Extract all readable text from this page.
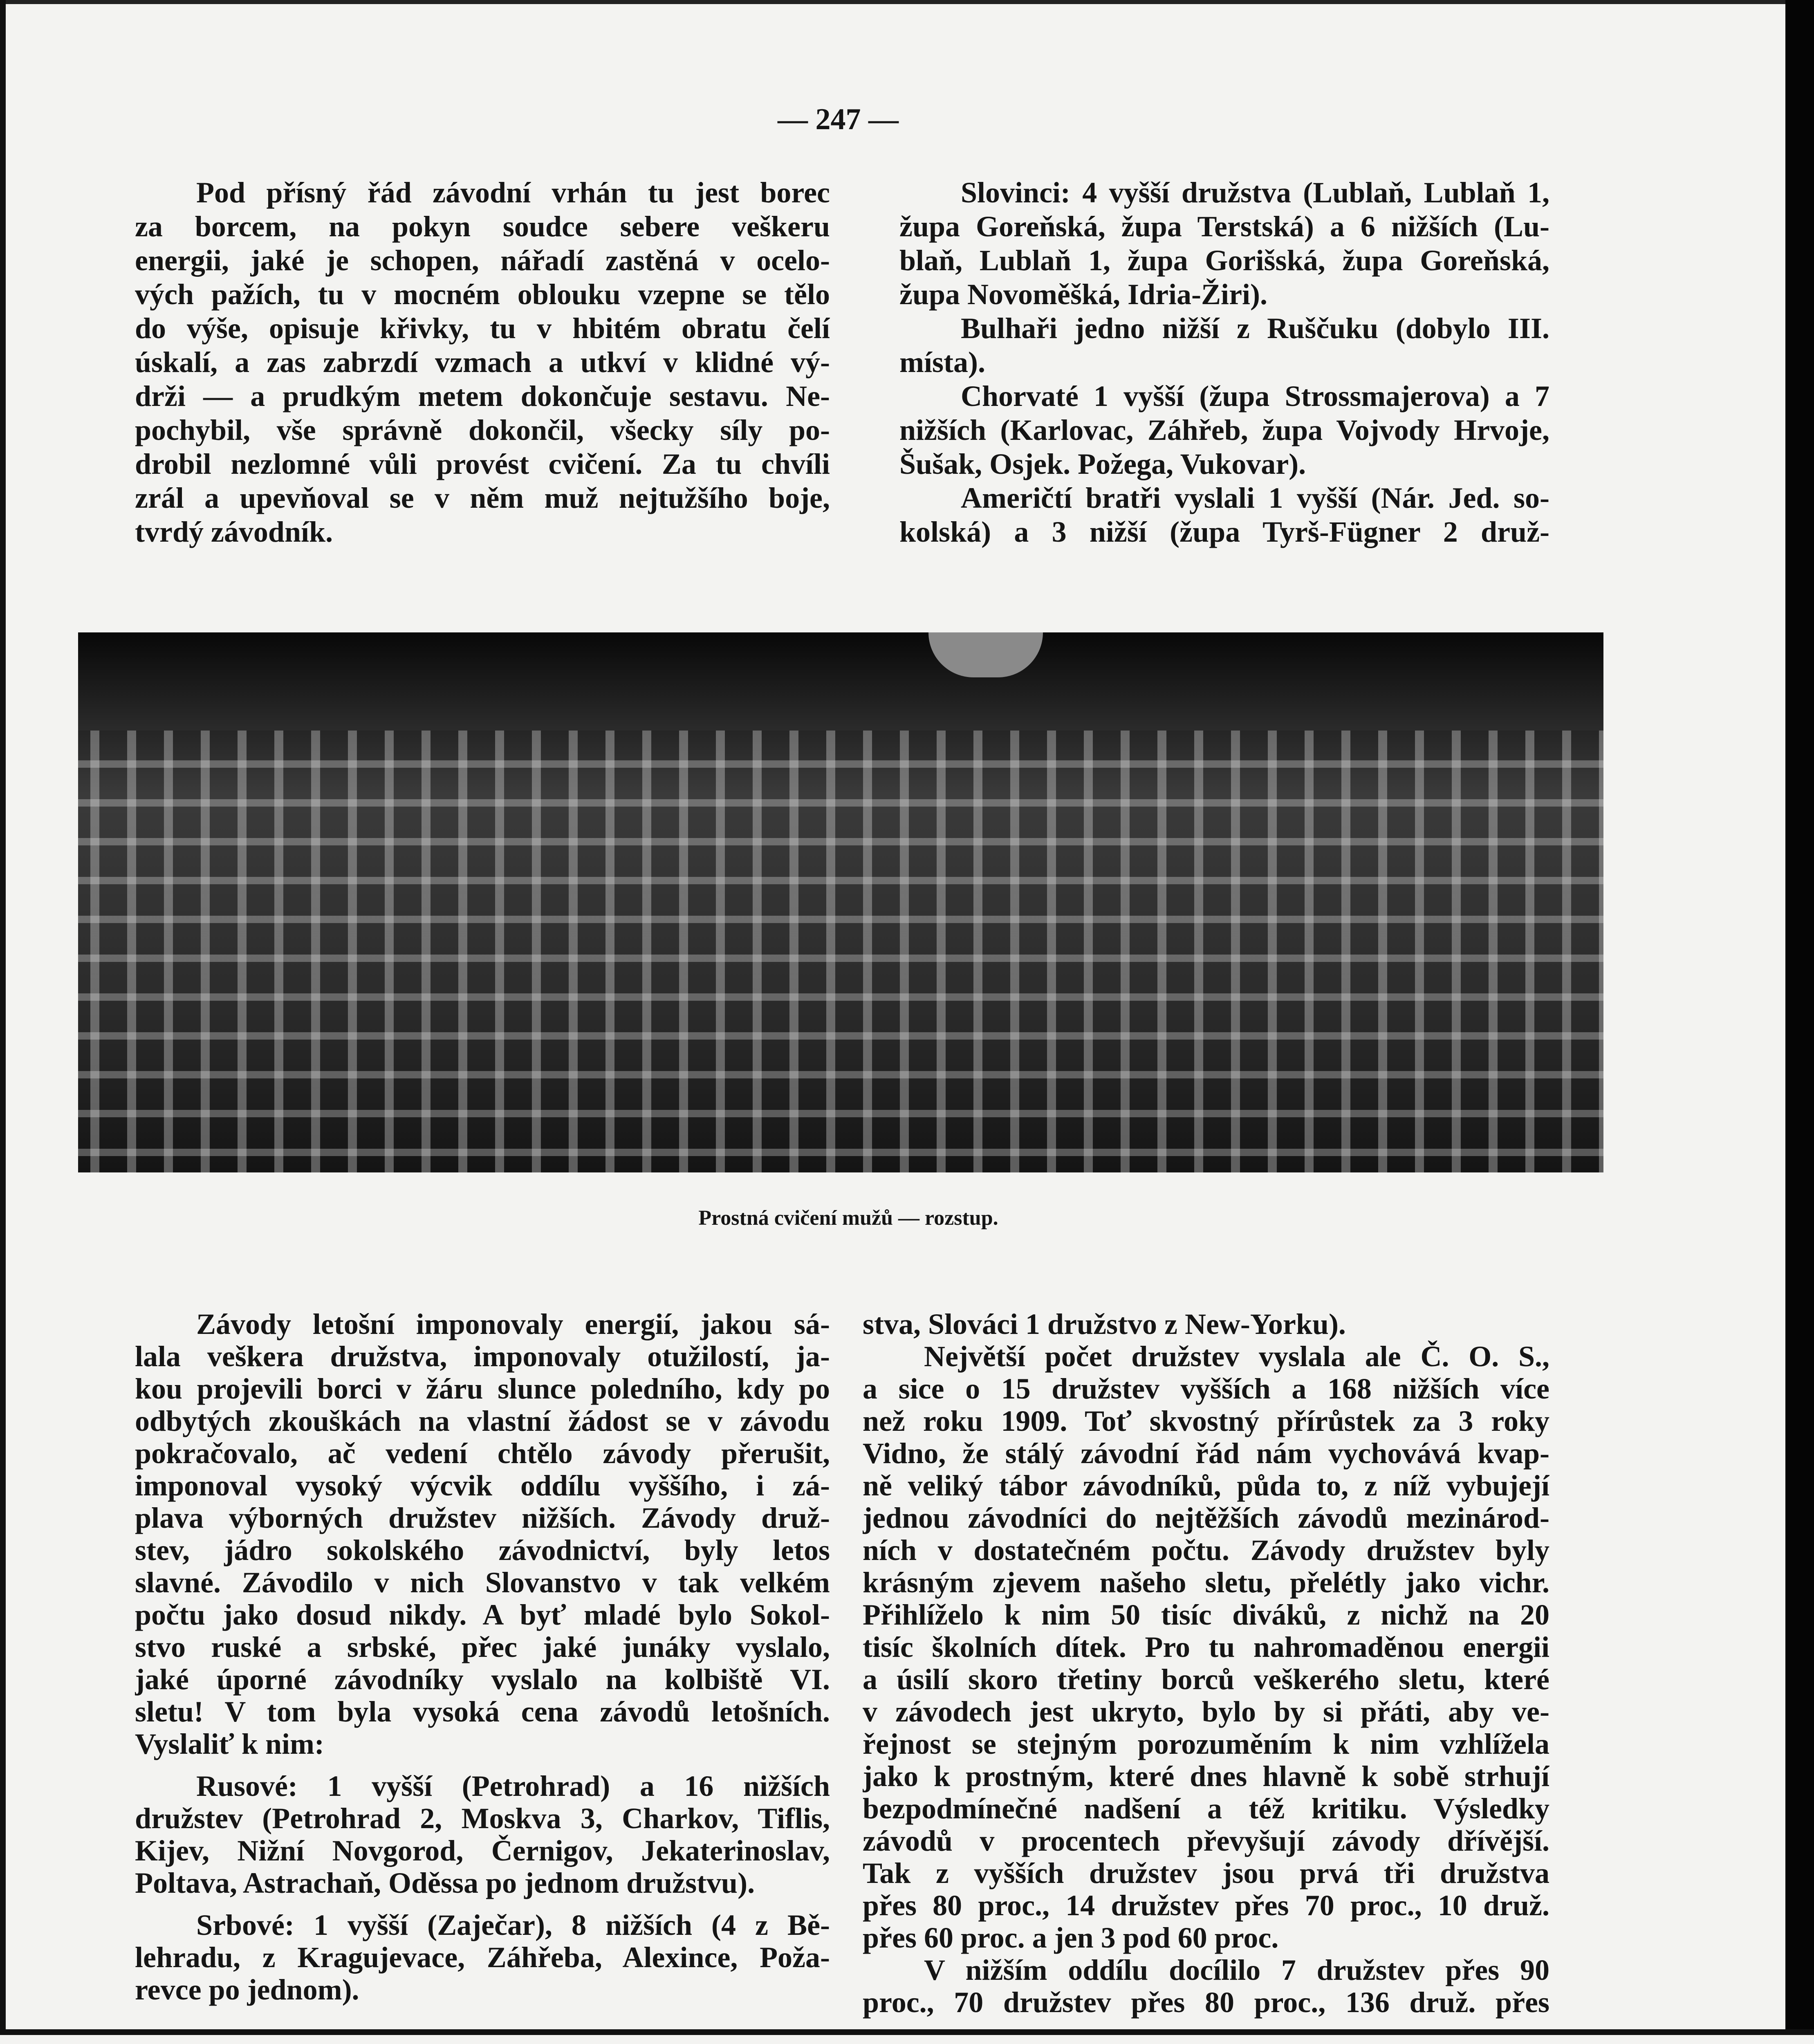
— 247 —
Pod přísný řád závodní vrhán tu jest borec
za borcem, na pokyn soudce sebere veškeru
energii, jaké je schopen, nářadí zastěná v ocelo-
vých pažích, tu v mocném oblouku vzepne se tělo
do výše, opisuje křivky, tu v hbitém obratu čelí
úskalí, a zas zabrzdí vzmach a utkví v klidné vý-
drži — a prudkým metem dokončuje sestavu. Ne-
pochybil, vše správně dokončil, všecky síly po-
drobil nezlomné vůli provést cvičení. Za tu chvíli
zrál a upevňoval se v něm muž nejtužšího boje,
tvrdý závodník.
Slovinci: 4 vyšší družstva (Lublaň, Lublaň 1,
župa Goreňská, župa Terstská) a 6 nižších (Lu-
blaň, Lublaň 1, župa Gorišská, župa Goreňská,
župa Novoměšká, Idria-Žiri).
Bulhaři jedno nižší z Ruščuku (dobylo III.
místa).
Chorvaté 1 vyšší (župa Strossmajerova) a 7
nižších (Karlovac, Záhřeb, župa Vojvody Hrvoje,
Šušak, Osjek. Požega, Vukovar).
Američtí bratři vyslali 1 vyšší (Nár. Jed. so-
kolská) a 3 nižší (župa Tyrš-Fügner 2 druž-
Prostná cvičení mužů — rozstup.
Závody letošní imponovaly energií, jakou sá-
lala veškera družstva, imponovaly otužilostí, ja-
kou projevili borci v žáru slunce poledního, kdy po
odbytých zkouškách na vlastní žádost se v závodu
pokračovalo, ač vedení chtělo závody přerušit,
imponoval vysoký výcvik oddílu vyššího, i zá-
plava výborných družstev nižších. Závody druž-
stev, jádro sokolského závodnictví, byly letos
slavné. Závodilo v nich Slovanstvo v tak velkém
počtu jako dosud nikdy. A byť mladé bylo Sokol-
stvo ruské a srbské, přec jaké junáky vyslalo,
jaké úporné závodníky vyslalo na kolbiště VI.
sletu! V tom byla vysoká cena závodů letošních.
Vyslaliť k nim:
Rusové: 1 vyšší (Petrohrad) a 16 nižších
družstev (Petrohrad 2, Moskva 3, Charkov, Tiflis,
Kijev, Nižní Novgorod, Černigov, Jekaterinoslav,
Poltava, Astrachaň, Oděssa po jednom družstvu).
Srbové: 1 vyšší (Zaječar), 8 nižších (4 z Bě-
lehradu, z Kragujevace, Záhřeba, Alexince, Poža-
revce po jednom).
stva, Slováci 1 družstvo z New-Yorku).
Největší počet družstev vyslala ale Č. O. S.,
a sice o 15 družstev vyšších a 168 nižších více
než roku 1909. Toť skvostný přírůstek za 3 roky
Vidno, že stálý závodní řád nám vychovává kvap-
ně veliký tábor závodníků, půda to, z níž vybujejí
jednou závodníci do nejtěžších závodů mezinárod-
ních v dostatečném počtu. Závody družstev byly
krásným zjevem našeho sletu, přelétly jako vichr.
Přihlíželo k nim 50 tisíc diváků, z nichž na 20
tisíc školních dítek. Pro tu nahromaděnou energii
a úsilí skoro třetiny borců veškerého sletu, které
v závodech jest ukryto, bylo by si přáti, aby ve-
řejnost se stejným porozuměním k nim vzhlížela
jako k prostným, které dnes hlavně k sobě strhují
bezpodmínečné nadšení a též kritiku. Výsledky
závodů v procentech převyšují závody dřívější.
Tak z vyšších družstev jsou prvá tři družstva
přes 80 proc., 14 družstev přes 70 proc., 10 druž.
přes 60 proc. a jen 3 pod 60 proc.
V nižším oddílu docílilo 7 družstev přes 90
proc., 70 družstev přes 80 proc., 136 druž. přes
